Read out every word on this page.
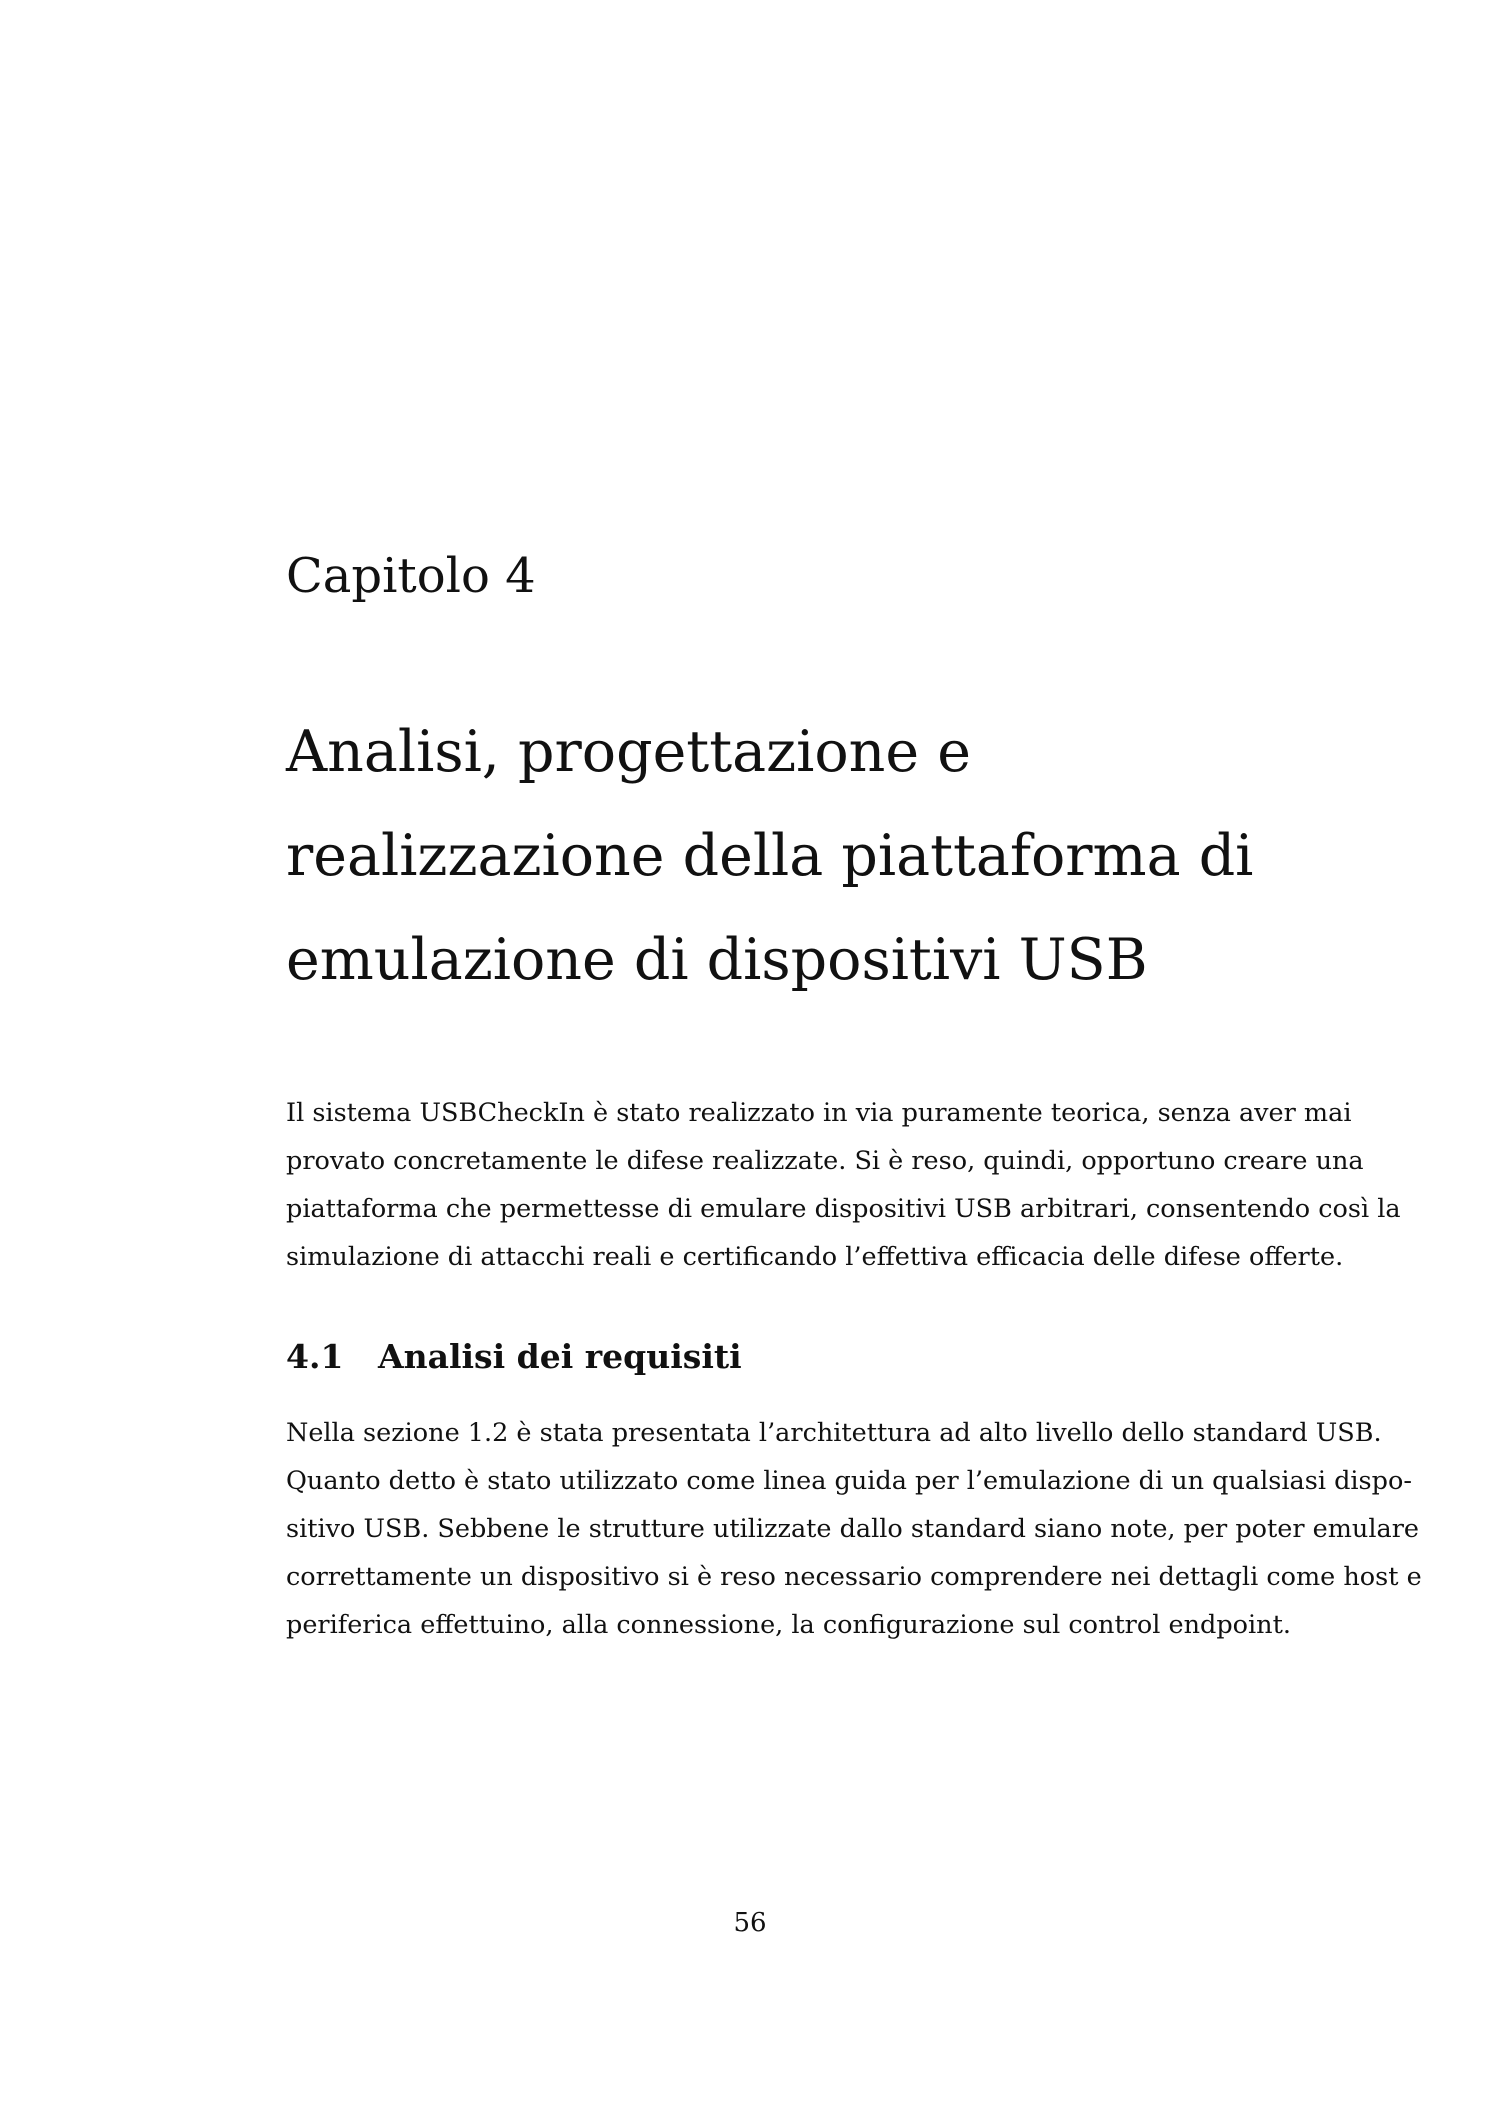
Capitolo 4
Analisi, progettazione e
realizzazione della piattaforma di
emulazione di dispositivi USB
Il sistema USBCheckIn è stato realizzato in via puramente teorica, senza aver mai
provato concretamente le difese realizzate. Si è reso, quindi, opportuno creare una
piattaforma che permettesse di emulare dispositivi USB arbitrari, consentendo così la
simulazione di attacchi reali e certificando l’effettiva efficacia delle difese offerte.
4.1 Analisi dei requisiti
Nella sezione 1.2 è stata presentata l’architettura ad alto livello dello standard USB.
Quanto detto è stato utilizzato come linea guida per l’emulazione di un qualsiasi dispo-
sitivo USB. Sebbene le strutture utilizzate dallo standard siano note, per poter emulare
correttamente un dispositivo si è reso necessario comprendere nei dettagli come host e
periferica effettuino, alla connessione, la configurazione sul control endpoint.
56
